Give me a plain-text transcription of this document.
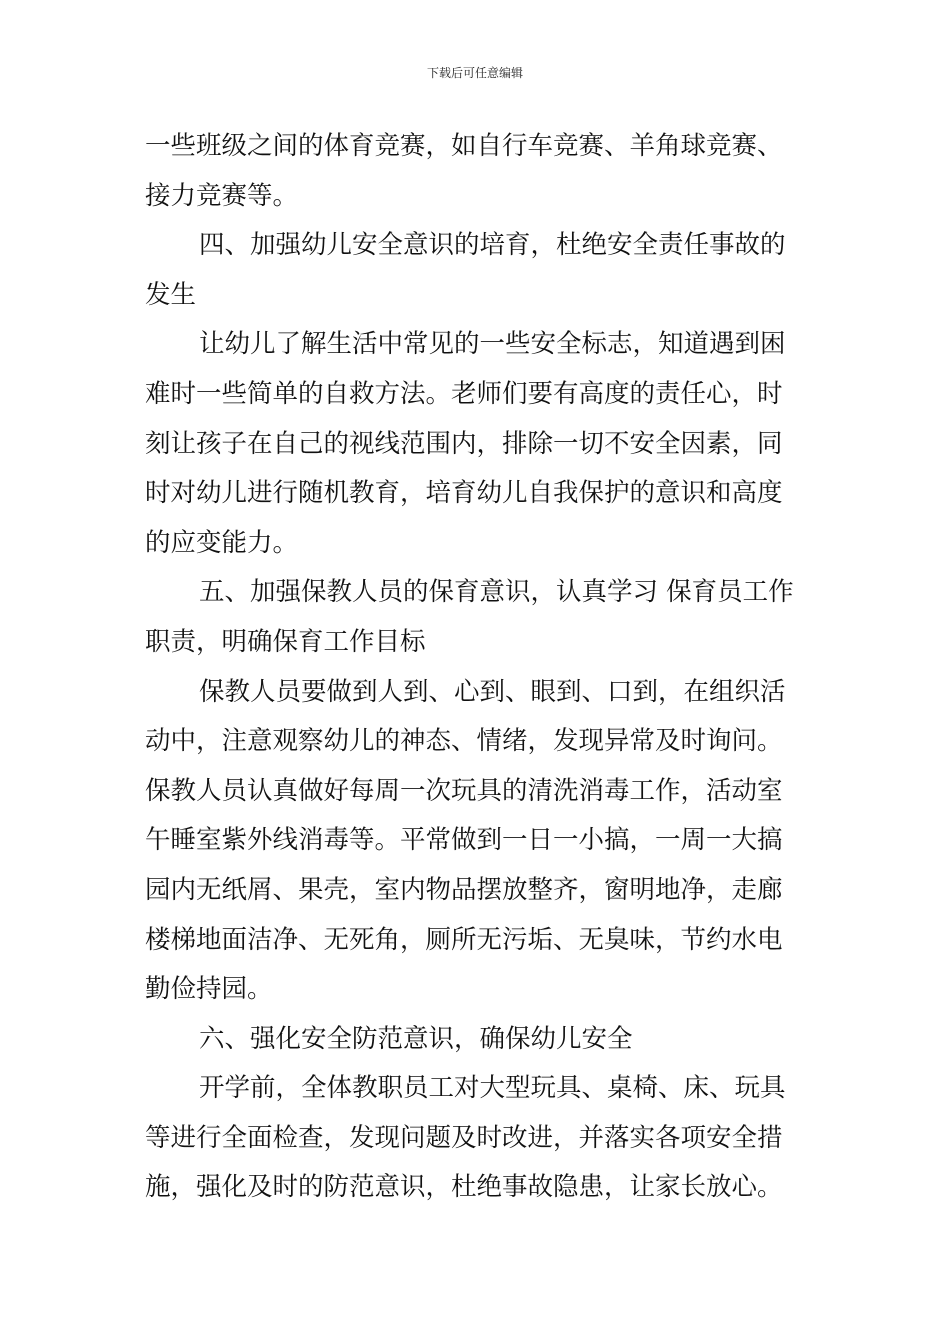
下载后可任意编辑
一些班级之间的体育竞赛，如自行车竞赛、羊角球竞赛、
接力竞赛等。
四、加强幼儿安全意识的培育，杜绝安全责任事故的
发生
让幼儿了解生活中常见的一些安全标志，知道遇到困
难时一些简单的自救方法。老师们要有高度的责任心，时
刻让孩子在自己的视线范围内，排除一切不安全因素，同
时对幼儿进行随机教育，培育幼儿自我保护的意识和高度
的应变能力。
五、加强保教人员的保育意识，认真学习 保育员工作
职责，明确保育工作目标
保教人员要做到人到、心到、眼到、口到，在组织活
动中，注意观察幼儿的神态、情绪，发现异常及时询问。
保教人员认真做好每周一次玩具的清洗消毒工作，活动室
午睡室紫外线消毒等。平常做到一日一小搞，一周一大搞
园内无纸屑、果壳，室内物品摆放整齐，窗明地净，走廊
楼梯地面洁净、无死角，厕所无污垢、无臭味，节约水电
勤俭持园。
六、强化安全防范意识，确保幼儿安全
开学前，全体教职员工对大型玩具、桌椅、床、玩具
等进行全面检查，发现问题及时改进，并落实各项安全措
施，强化及时的防范意识，杜绝事故隐患，让家长放心。
